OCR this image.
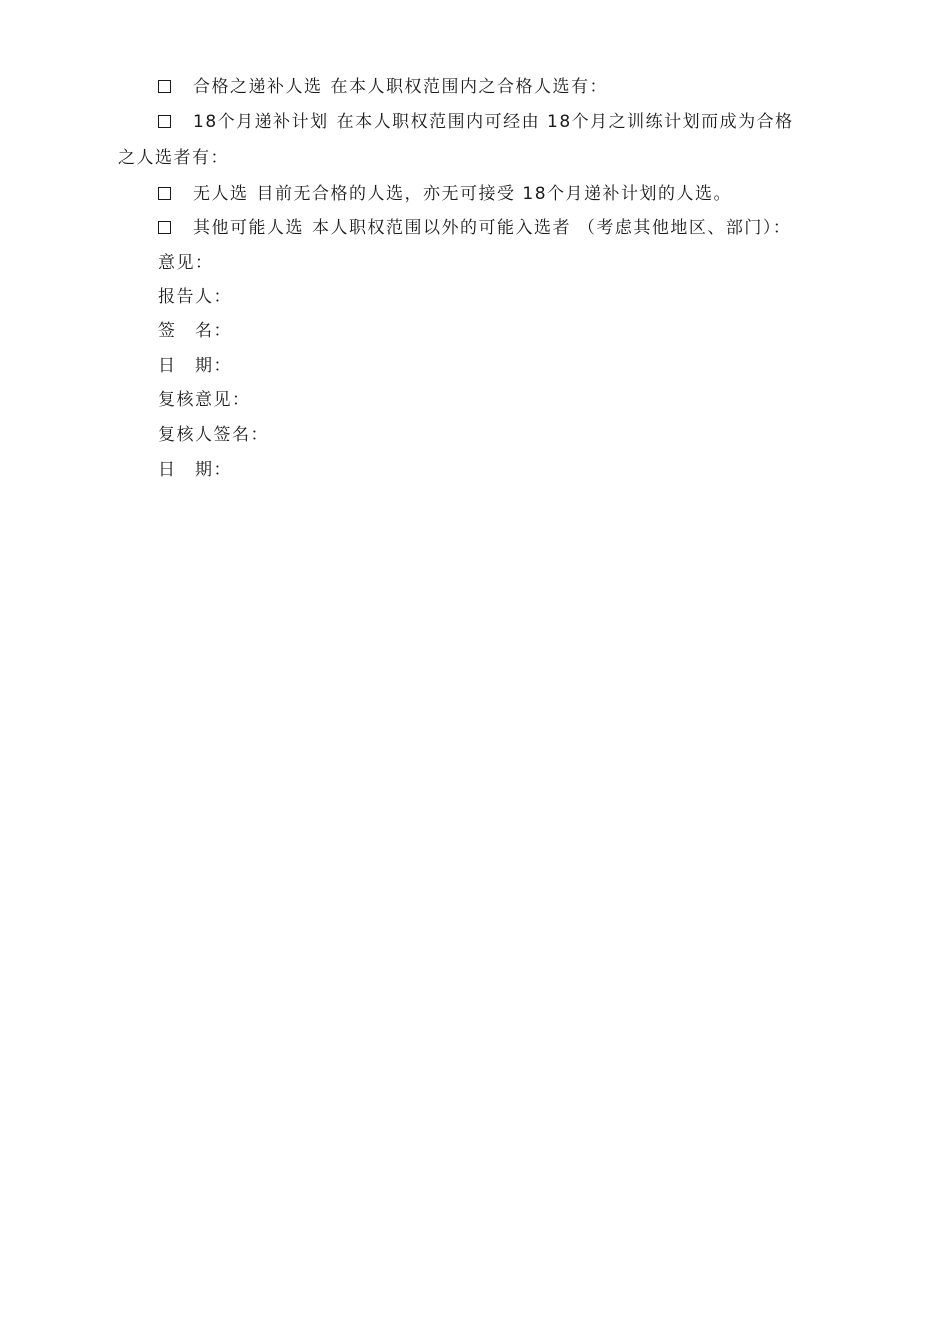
合格之递补人选 在本人职权范围内之合格人选有：
18个月递补计划 在本人职权范围内可经由 18个月之训练计划而成为合格
之人选者有：
无人选 目前无合格的人选，亦无可接受 18个月递补计划的人选。
其他可能人选 本人职权范围以外的可能入选者 （考虑其他地区、部门）：
意见：
报告人：
签　名：
日　期：
复核意见：
复核人签名：
日　期：
